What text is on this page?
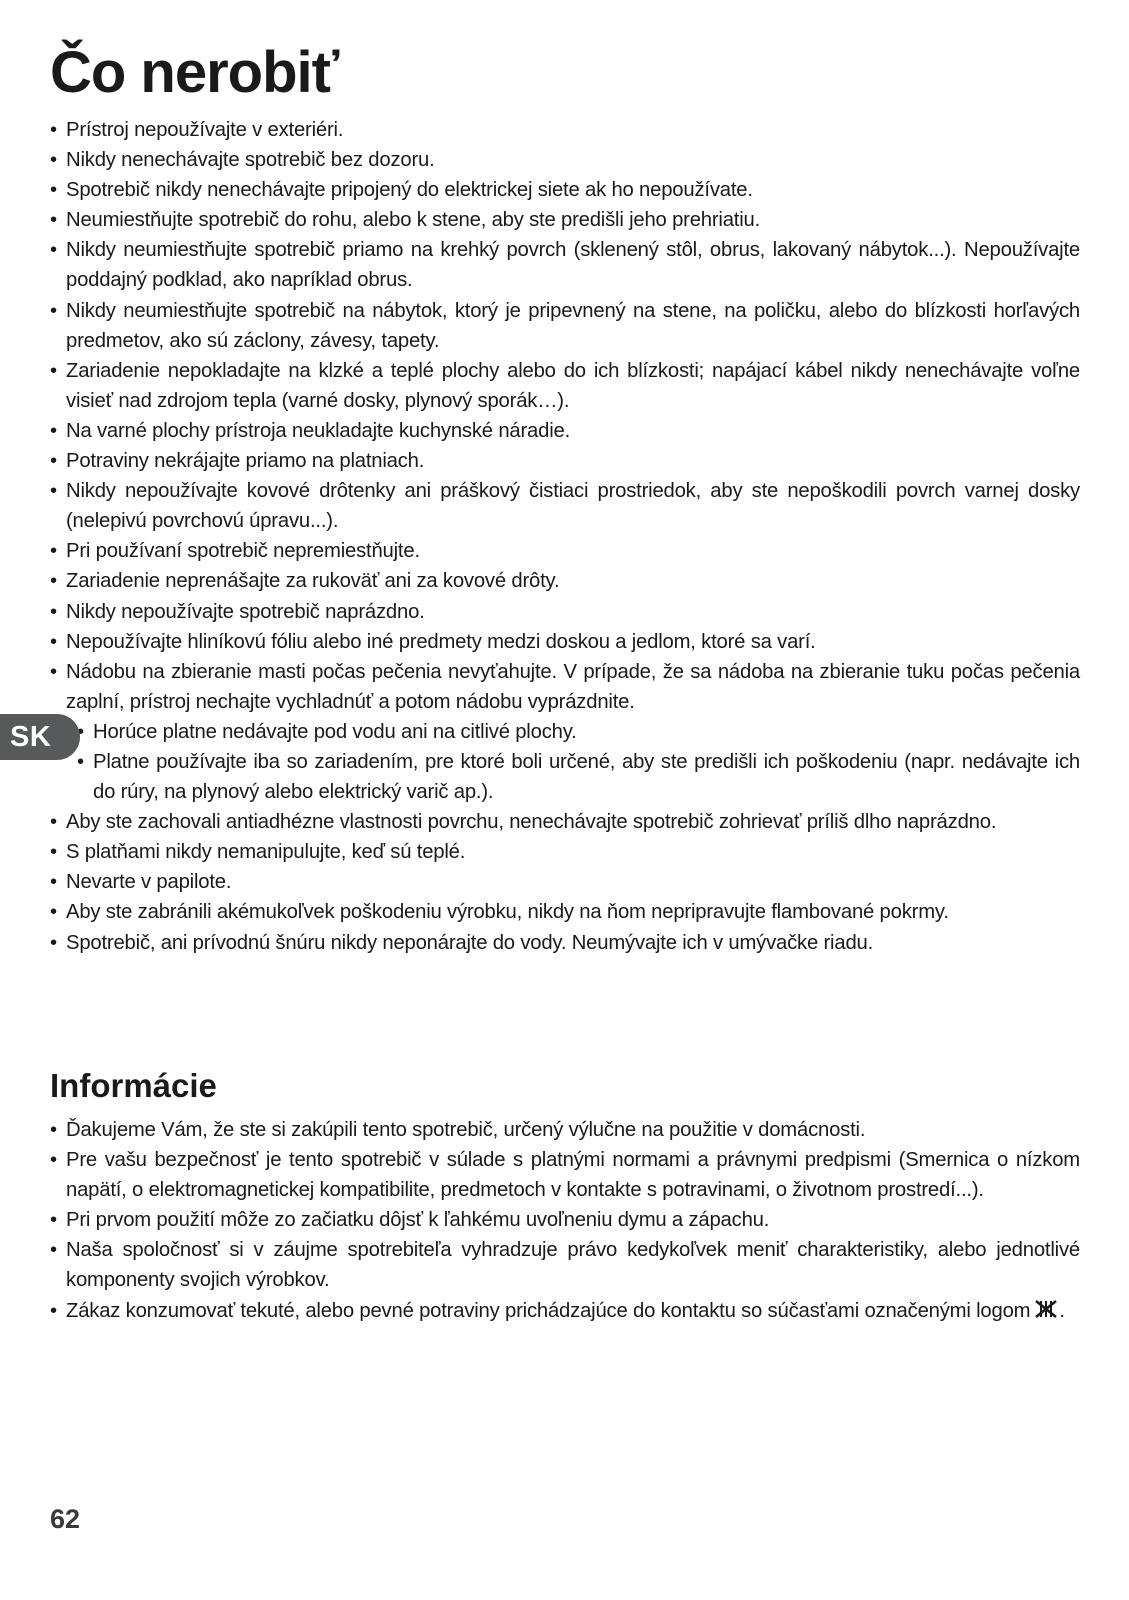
Čo nerobiť
• Prístroj nepoužívajte v exteriéri.
• Nikdy nenechávajte spotrebič bez dozoru.
• Spotrebič nikdy nenechávajte pripojený do elektrickej siete ak ho nepoužívate.
• Neumiestňujte spotrebič do rohu, alebo k stene, aby ste predišli jeho prehriatiu.
• Nikdy neumiestňujte spotrebič priamo na krehký povrch (sklenený stôl, obrus, lakovaný nábytok...). Nepoužívajte poddajný podklad, ako napríklad obrus.
• Nikdy neumiestňujte spotrebič na nábytok, ktorý je pripevnený na stene, na poličku, alebo do blízkosti horľavých predmetov, ako sú záclony, závesy, tapety.
• Zariadenie nepokladajte na klzké a teplé plochy alebo do ich blízkosti; napájací kábel nikdy nenechávajte voľne visieť nad zdrojom tepla (varné dosky, plynový sporák…).
• Na varné plochy prístroja neukladajte kuchynské náradie.
• Potraviny nekrájajte priamo na platniach.
• Nikdy nepoužívajte kovové drôtenky ani práškový čistiaci prostriedok, aby ste nepoškodili povrch varnej dosky (nelepivú povrchovú úpravu...).
• Pri používaní spotrebič nepremiestňujte.
• Zariadenie neprenášajte za rukoväť ani za kovové drôty.
• Nikdy nepoužívajte spotrebič naprázdno.
• Nepoužívajte hliníkovú fóliu alebo iné predmety medzi doskou a jedlom, ktoré sa varí.
• Nádobu na zbieranie masti počas pečenia nevyťahujte. V prípade, že sa nádoba na zbieranie tuku počas pečenia zaplní, prístroj nechajte vychladnúť a potom nádobu vyprázdnite.
• Horúce platne nedávajte pod vodu ani na citlivé plochy.
• Platne používajte iba so zariadením, pre ktoré boli určené, aby ste predišli ich poškodeniu (napr. nedávajte ich do rúry, na plynový alebo elektrický varič ap.).
• Aby ste zachovali antiadhézne vlastnosti povrchu, nenechávajte spotrebič zohrievať príliš dlho naprázdno.
• S platňami nikdy nemanipulujte, keď sú teplé.
• Nevarte v papilote.
• Aby ste zabránili akémukoľvek poškodeniu výrobku, nikdy na ňom nepripravujte flambované pokrmy.
• Spotrebič, ani prívodnú šnúru nikdy neponárajte do vody. Neumývajte ich v umývačke riadu.
SK
Informácie
• Ďakujeme Vám, že ste si zakúpili tento spotrebič, určený výlučne na použitie v domácnosti.
• Pre vašu bezpečnosť je tento spotrebič v súlade s platnými normami a právnymi predpismi (Smernica o nízkom napätí, o elektromagnetickej kompatibilite, predmetoch v kontakte s potravinami, o životnom prostredí...).
• Pri prvom použití môže zo začiatku dôjsť k ľahkému uvoľneniu dymu a zápachu.
• Naša spoločnosť si v záujme spotrebiteľa vyhradzuje právo kedykoľvek meniť charakteristiky, alebo jednotlivé komponenty svojich výrobkov.
• Zákaz konzumovať tekuté, alebo pevné potraviny prichádzajúce do kontaktu so súčasťami označenými logom .
62
